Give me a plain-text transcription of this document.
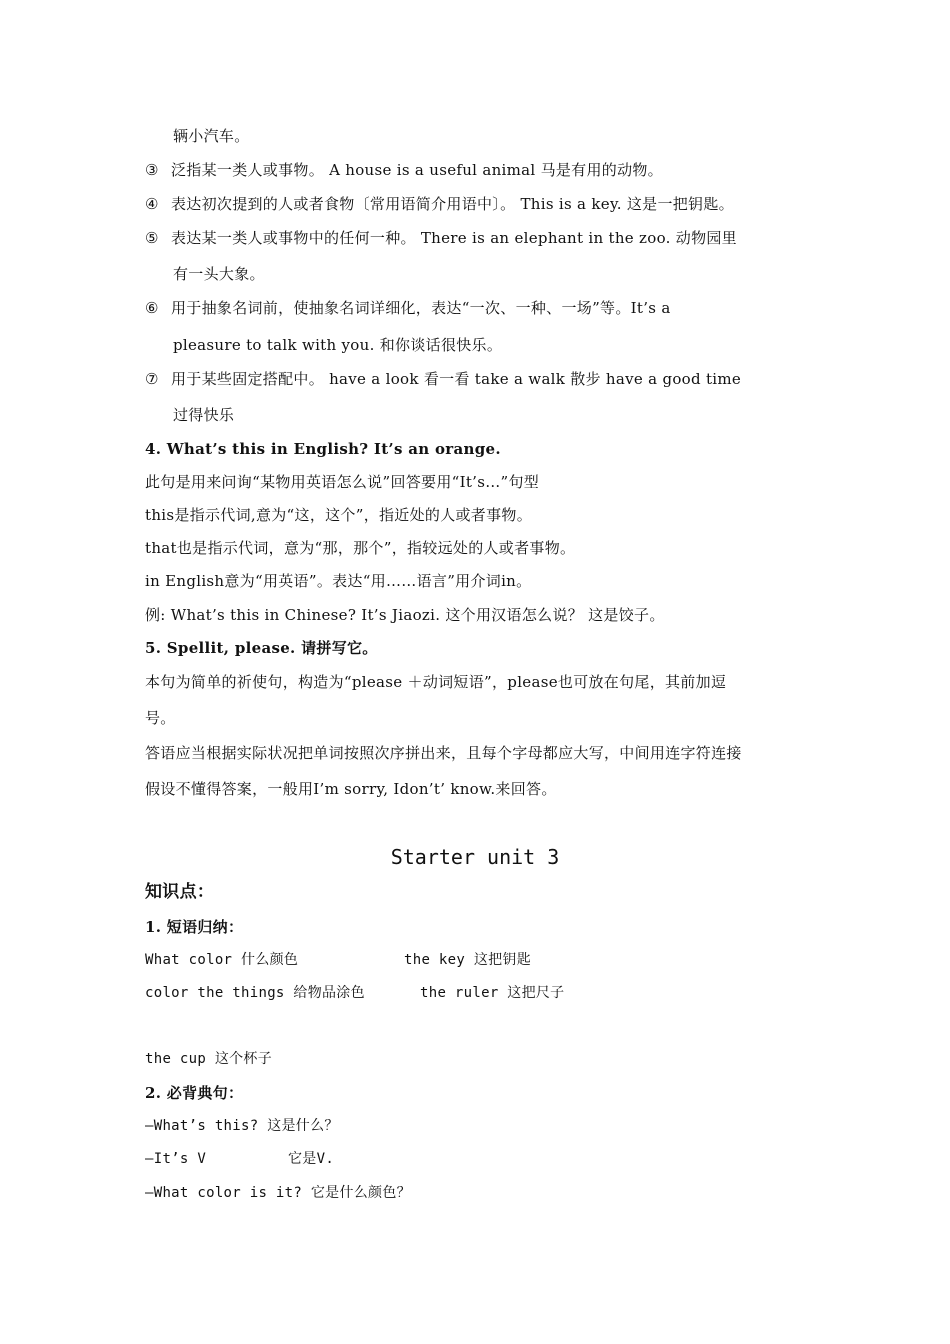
辆小汽车。
③ 泛指某一类人或事物。 A house is a useful animal 马是有用的动物。
④ 表达初次提到的人或者食物〔常用语简介用语中〕。 This is a key. 这是一把钥匙。
⑤ 表达某一类人或事物中的任何一种。 There is an elephant in the zoo. 动物园里
有一头大象。
⑥ 用于抽象名词前，使抽象名词详细化，表达“一次、一种、一场”等。It’s a
pleasure to talk with you. 和你谈话很快乐。
⑦ 用于某些固定搭配中。 have a look 看一看 take a walk 散步 have a good time
过得快乐
4. What’s this in English? It’s an orange.
此句是用来问询“某物用英语怎么说”回答要用“It’s…”句型
this是指示代词,意为“这，这个”，指近处的人或者事物。
that也是指示代词，意为“那，那个”，指较远处的人或者事物。
in English意为“用英语”。表达“用……语言”用介词in。
例: What’s this in Chinese? It’s Jiaozi. 这个用汉语怎么说？ 这是饺子。
5. Spellit, please. 请拼写它。
本句为简单的祈使句，构造为“please ＋动词短语”，please也可放在句尾，其前加逗
号。
答语应当根据实际状况把单词按照次序拼出来，且每个字母都应大写，中间用连字符连接
假设不懂得答案，一般用I’m sorry, Idon’t’ know.来回答。
Starter unit 3
知识点：
1. 短语归纳：
What color 什么颜色	the key 这把钥匙
color the things 给物品涂色	the ruler 这把尺子
the cup 这个杯子
2. 必背典句：
—What’s this? 这是什么？
—It’s V	它是V.
—What color is it? 它是什么颜色？
